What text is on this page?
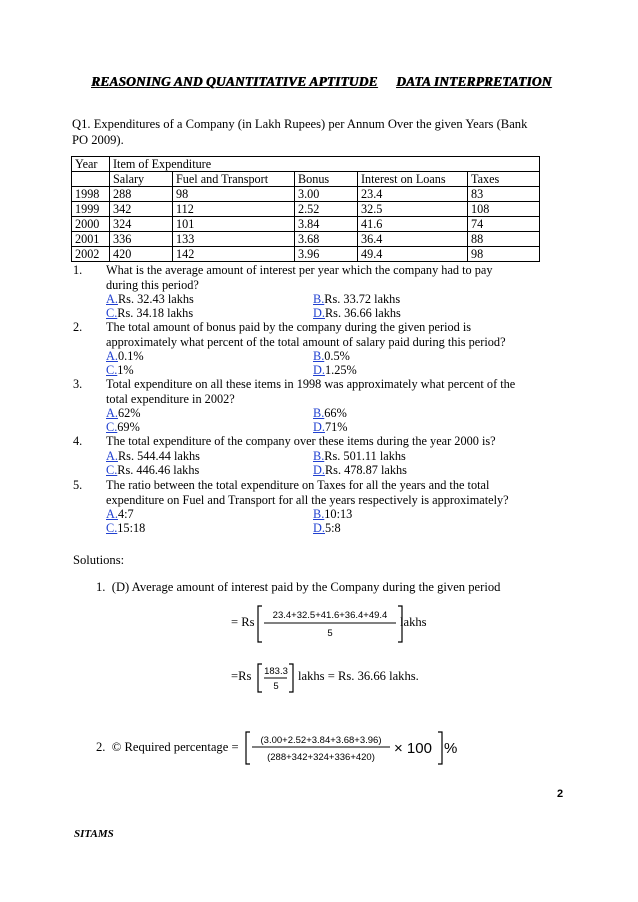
REASONING AND QUANTITATIVE APTITUDE DATA INTERPRETATION
Q1. Expenditures of a Company (in Lakh Rupees) per Annum Over the given Years (Bank PO 2009).
Year	Item of Expenditure				
	Salary	Fuel and Transport	Bonus	Interest on Loans	Taxes
1998	288	98	3.00	23.4	83
1999	342	112	2.52	32.5	108
2000	324	101	3.84	41.6	74
2001	336	133	3.68	36.4	88
2002	420	142	3.96	49.4	98
1.	What is the average amount of interest per year which the company had to pay during this period?
A.Rs. 32.43 lakhs	B.Rs. 33.72 lakhs
C.Rs. 34.18 lakhs	D.Rs. 36.66 lakhs
2.	The total amount of bonus paid by the company during the given period is approximately what percent of the total amount of salary paid during this period?
A.0.1%	B.0.5%
C.1%	D.1.25%
3.	Total expenditure on all these items in 1998 was approximately what percent of the total expenditure in 2002?
A.62%	B.66%
C.69%	D.71%
4.	The total expenditure of the company over these items during the year 2000 is?
A.Rs. 544.44 lakhs	B.Rs. 501.11 lakhs
C.Rs. 446.46 lakhs	D.Rs. 478.87 lakhs
5.	The ratio between the total expenditure on Taxes for all the years and the total expenditure on Fuel and Transport for all the years respectively is approximately?
A.4:7	B.10:13
C.15:18	D.5:8
Solutions:
1. (D) Average amount of interest paid by the Company during the given period
= Rs 23.4+32.5+41.6+36.4+49.4
5
lakhs
=Rs 183.3
5
lakhs = Rs. 36.66 lakhs.
2. © Required percentage = (3.00+2.52+3.84+3.68+3.96)
(288+342+324+336+420)
× 100 %
2
SITAMS
